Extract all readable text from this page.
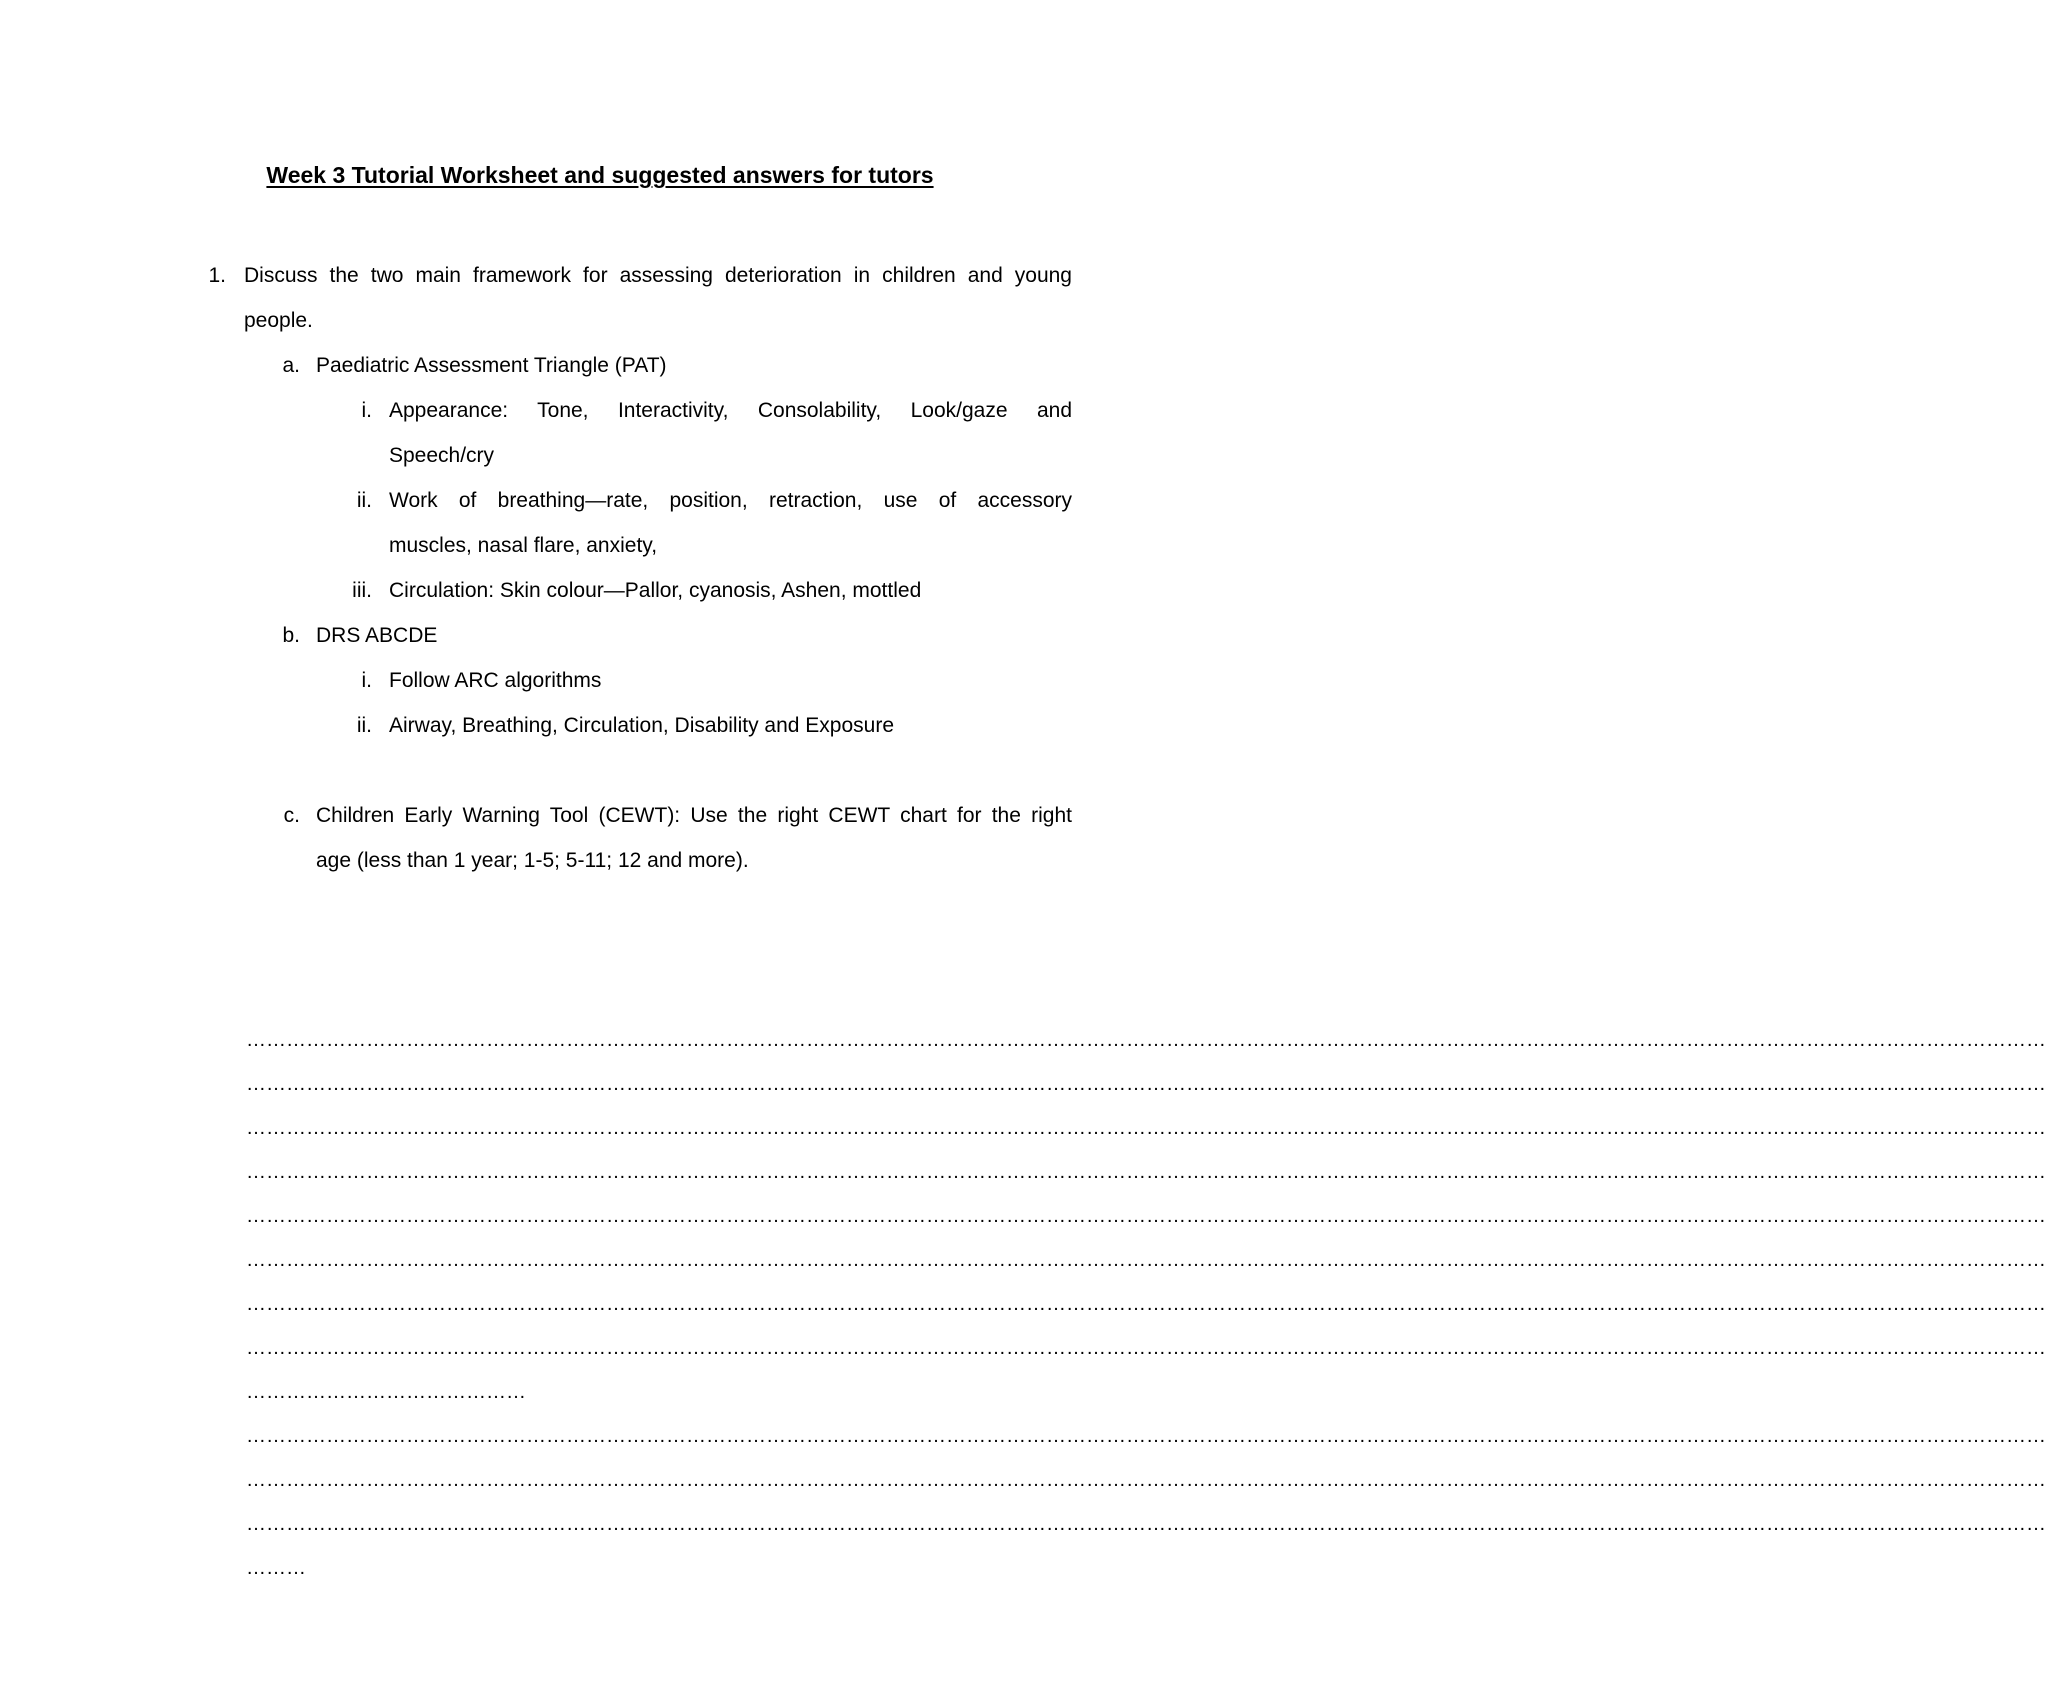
Week 3 Tutorial Worksheet and suggested answers for tutors
1. Discuss the two main framework for assessing deterioration in children and young
people.
a. Paediatric Assessment Triangle (PAT)
i. Appearance: Tone, Interactivity, Consolability, Look/gaze and
Speech/cry
ii. Work of breathing—rate, position, retraction, use of accessory
muscles, nasal flare, anxiety,
iii. Circulation: Skin colour—Pallor, cyanosis, Ashen, mottled
b. DRS ABCDE
i. Follow ARC algorithms
ii. Airway, Breathing, Circulation, Disability and Exposure
c. Children Early Warning Tool (CEWT): Use the right CEWT chart for the right
age (less than 1 year; 1-5; 5-11; 12 and more).
………………………………………………………………………………………………………………………………………………………………………………………………………………………………………………
………………………………………………………………………………………………………………………………………………………………………………………………………………………………………………
………………………………………………………………………………………………………………………………………………………………………………………………………………………………………………
………………………………………………………………………………………………………………………………………………………………………………………………………………………………………………
………………………………………………………………………………………………………………………………………………………………………………………………………………………………………………
………………………………………………………………………………………………………………………………………………………………………………………………………………………………………………
………………………………………………………………………………………………………………………………………………………………………………………………………………………………………………
………………………………………………………………………………………………………………………………………………………………………………………………………………………………………………
……………………………………
………………………………………………………………………………………………………………………………………………………………………………………………………………………………………………
………………………………………………………………………………………………………………………………………………………………………………………………………………………………………………
………………………………………………………………………………………………………………………………………………………………………………………………………………………………………………
………
